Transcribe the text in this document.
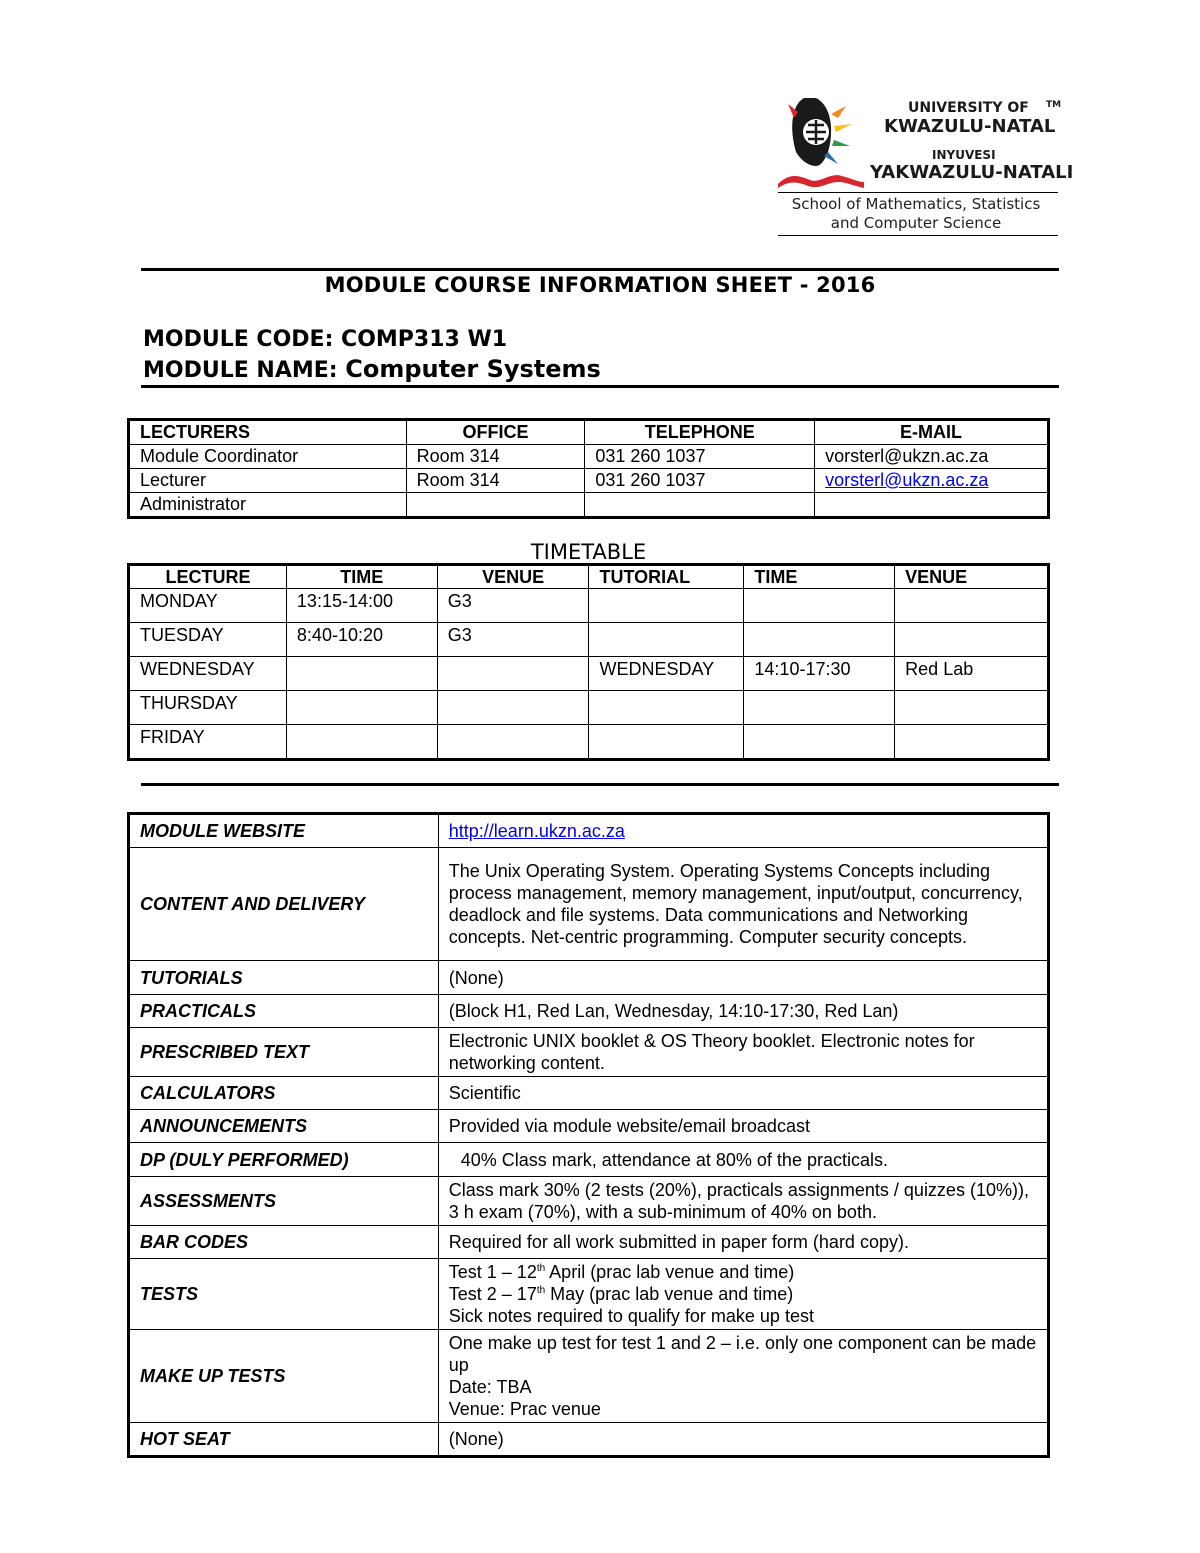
UNIVERSITY OF TM
KWAZULU-NATAL
INYUVESI
YAKWAZULU-NATALI
School of Mathematics, Statistics
and Computer Science
MODULE COURSE INFORMATION SHEET - 2016
MODULE CODE: COMP313 W1
MODULE NAME: Computer Systems
LECTURERS	OFFICE	TELEPHONE	E-MAIL
Module Coordinator	Room 314	031 260 1037	vorsterl@ukzn.ac.za
Lecturer	Room 314	031 260 1037	vorsterl@ukzn.ac.za
Administrator			
TIMETABLE
LECTURE	TIME	VENUE	TUTORIAL	TIME	VENUE
MONDAY	13:15-14:00	G3			
TUESDAY	8:40-10:20	G3			
WEDNESDAY			WEDNESDAY	14:10-17:30	Red Lab
THURSDAY					
FRIDAY					
MODULE WEBSITE	http://learn.ukzn.ac.za
CONTENT AND DELIVERY	The Unix Operating System. Operating Systems Concepts including process management, memory management, input/output, concurrency, deadlock and file systems. Data communications and Networking concepts. Net-centric programming. Computer security concepts.
TUTORIALS	(None)
PRACTICALS	(Block H1, Red Lan, Wednesday, 14:10-17:30, Red Lan)
PRESCRIBED TEXT	Electronic UNIX booklet & OS Theory booklet. Electronic notes for networking content.
CALCULATORS	Scientific
ANNOUNCEMENTS	Provided via module website/email broadcast
DP (DULY PERFORMED)	40% Class mark, attendance at 80% of the practicals.
ASSESSMENTS	Class mark 30% (2 tests (20%), practicals assignments / quizzes (10%)), 3 h exam (70%), with a sub-minimum of 40% on both.
BAR CODES	Required for all work submitted in paper form (hard copy).
TESTS	Test 1 – 12th April (prac lab venue and time)
Test 2 – 17th May (prac lab venue and time)
Sick notes required to qualify for make up test

MAKE UP TESTS	One make up test for test 1 and 2 – i.e. only one component can be made up
Date: TBA
Venue: Prac venue

HOT SEAT	(None)
